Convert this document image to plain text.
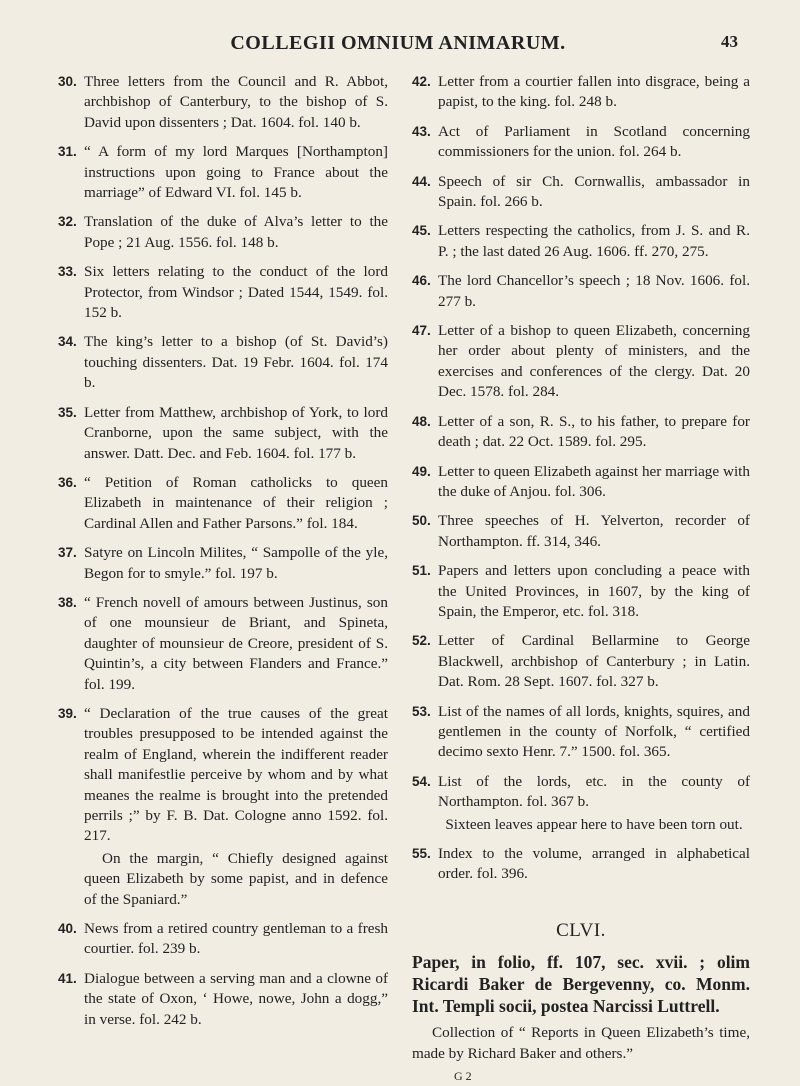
COLLEGII OMNIUM ANIMARUM.	43
30. Three letters from the Council and R. Abbot, archbishop of Canterbury, to the bishop of S. David upon dissenters ; Dat. 1604. fol. 140 b.
31. “ A form of my lord Marques [Northampton] instructions upon going to France about the marriage” of Edward VI. fol. 145 b.
32. Translation of the duke of Alva’s letter to the Pope ; 21 Aug. 1556. fol. 148 b.
33. Six letters relating to the conduct of the lord Protector, from Windsor ; Dated 1544, 1549. fol. 152 b.
34. The king’s letter to a bishop (of St. David’s) touching dissenters. Dat. 19 Febr. 1604. fol. 174 b.
35. Letter from Matthew, archbishop of York, to lord Cranborne, upon the same subject, with the answer. Datt. Dec. and Feb. 1604. fol. 177 b.
36. “ Petition of Roman catholicks to queen Elizabeth in maintenance of their religion ; Cardinal Allen and Father Parsons.” fol. 184.
37. Satyre on Lincoln Milites, “ Sampolle of the yle, Begon for to smyle.” fol. 197 b.
38. “ French novell of amours between Justinus, son of one mounsieur de Briant, and Spineta, daughter of mounsieur de Creore, president of S. Quintin’s, a city between Flanders and France.” fol. 199.
39. “ Declaration of the true causes of the great troubles presupposed to be intended against the realm of England, wherein the indifferent reader shall manifestlie perceive by whom and by what meanes the realme is brought into the pretended perrils ;” by F. B. Dat. Cologne anno 1592. fol. 217.
On the margin, “ Chiefly designed against queen Elizabeth by some papist, and in defence of the Spaniard.”
40. News from a retired country gentleman to a fresh courtier. fol. 239 b.
41. Dialogue between a serving man and a clowne of the state of Oxon, ‘ Howe, nowe, John a dogg,” in verse. fol. 242 b.
42. Letter from a courtier fallen into disgrace, being a papist, to the king. fol. 248 b.
43. Act of Parliament in Scotland concerning commissioners for the union. fol. 264 b.
44. Speech of sir Ch. Cornwallis, ambassador in Spain. fol. 266 b.
45. Letters respecting the catholics, from J. S. and R. P. ; the last dated 26 Aug. 1606. ff. 270, 275.
46. The lord Chancellor’s speech ; 18 Nov. 1606. fol. 277 b.
47. Letter of a bishop to queen Elizabeth, concerning her order about plenty of ministers, and the exercises and conferences of the clergy. Dat. 20 Dec. 1578. fol. 284.
48. Letter of a son, R. S., to his father, to prepare for death ; dat. 22 Oct. 1589. fol. 295.
49. Letter to queen Elizabeth against her marriage with the duke of Anjou. fol. 306.
50. Three speeches of H. Yelverton, recorder of Northampton. ff. 314, 346.
51. Papers and letters upon concluding a peace with the United Provinces, in 1607, by the king of Spain, the Emperor, etc. fol. 318.
52. Letter of Cardinal Bellarmine to George Blackwell, archbishop of Canterbury ; in Latin. Dat. Rom. 28 Sept. 1607. fol. 327 b.
53. List of the names of all lords, knights, squires, and gentlemen in the county of Norfolk, “ certified decimo sexto Henr. 7.” 1500. fol. 365.
54. List of the lords, etc. in the county of Northampton. fol. 367 b.
Sixteen leaves appear here to have been torn out.
55. Index to the volume, arranged in alphabetical order. fol. 396.
CLVI.
Paper, in folio, ff. 107, sec. xvii. ; olim Ricardi Baker de Bergevenny, co. Monm. Int. Templi socii, postea Narcissi Luttrell.
Collection of “ Reports in Queen Elizabeth’s time, made by Richard Baker and others.”
G 2
